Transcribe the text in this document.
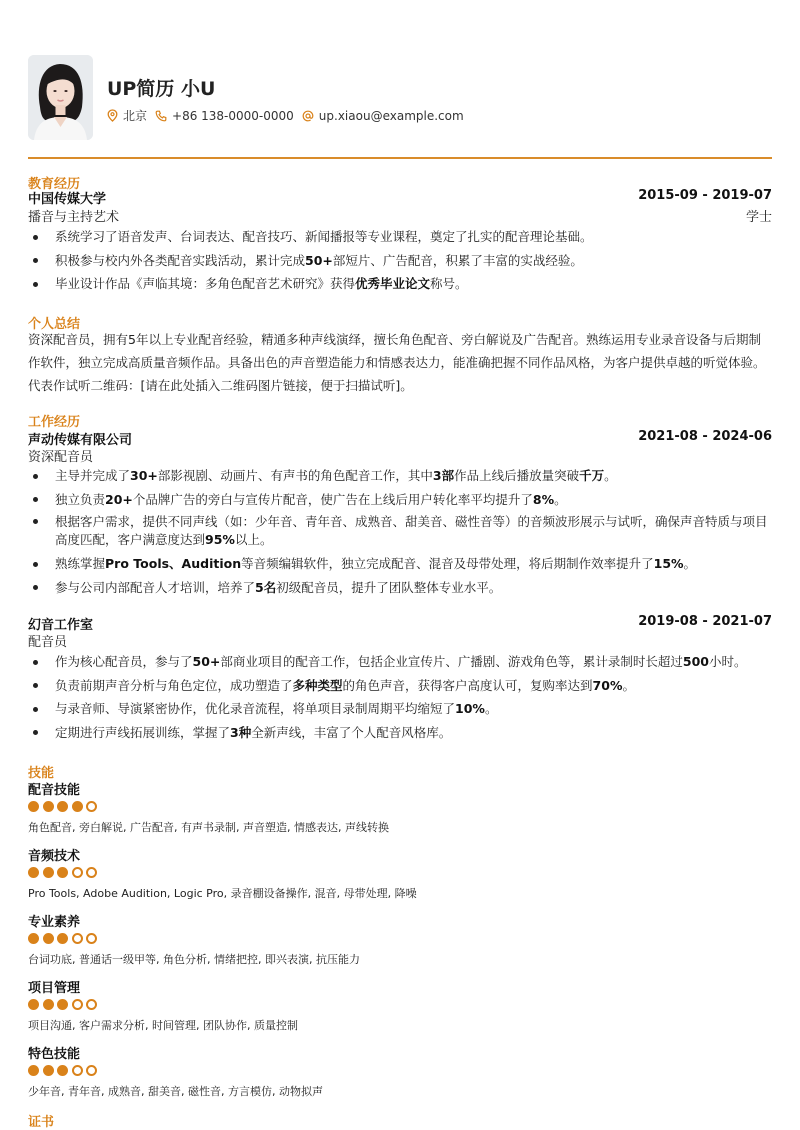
UP简历 小U
北京 +86 138-0000-0000 up.xiaou@example.com
教育经历
中国传媒大学	2015-09 - 2019-07
播音与主持艺术	学士
系统学习了语音发声、台词表达、配音技巧、新闻播报等专业课程，奠定了扎实的配音理论基础。
积极参与校内外各类配音实践活动，累计完成50+部短片、广告配音，积累了丰富的实战经验。
毕业设计作品《声临其境：多角色配音艺术研究》获得优秀毕业论文称号。
个人总结
资深配音员，拥有5年以上专业配音经验，精通多种声线演绎，擅长角色配音、旁白解说及广告配音。熟练运用专业录音设备与后期制作软件，独立完成高质量音频作品。具备出色的声音塑造能力和情感表达力，能准确把握不同作品风格，为客户提供卓越的听觉体验。代表作试听二维码：[请在此处插入二维码图片链接，便于扫描试听]。
工作经历
声动传媒有限公司	2021-08 - 2024-06
资深配音员
主导并完成了30+部影视剧、动画片、有声书的角色配音工作，其中3部作品上线后播放量突破千万。
独立负责20+个品牌广告的旁白与宣传片配音，使广告在上线后用户转化率平均提升了8%。
根据客户需求，提供不同声线（如：少年音、青年音、成熟音、甜美音、磁性音等）的音频波形展示与试听，确保声音特质与项目高度匹配，客户满意度达到95%以上。
熟练掌握Pro Tools、Audition等音频编辑软件，独立完成配音、混音及母带处理，将后期制作效率提升了15%。
参与公司内部配音人才培训，培养了5名初级配音员，提升了团队整体专业水平。
幻音工作室	2019-08 - 2021-07
配音员
作为核心配音员，参与了50+部商业项目的配音工作，包括企业宣传片、广播剧、游戏角色等，累计录制时长超过500小时。
负责前期声音分析与角色定位，成功塑造了多种类型的角色声音，获得客户高度认可，复购率达到70%。
与录音师、导演紧密协作，优化录音流程，将单项目录制周期平均缩短了10%。
定期进行声线拓展训练，掌握了3种全新声线，丰富了个人配音风格库。
技能
配音技能
角色配音, 旁白解说, 广告配音, 有声书录制, 声音塑造, 情感表达, 声线转换
音频技术
Pro Tools, Adobe Audition, Logic Pro, 录音棚设备操作, 混音, 母带处理, 降噪
专业素养
台词功底, 普通话一级甲等, 角色分析, 情绪把控, 即兴表演, 抗压能力
项目管理
项目沟通, 客户需求分析, 时间管理, 团队协作, 质量控制
特色技能
少年音, 青年音, 成熟音, 甜美音, 磁性音, 方言模仿, 动物拟声
证书
